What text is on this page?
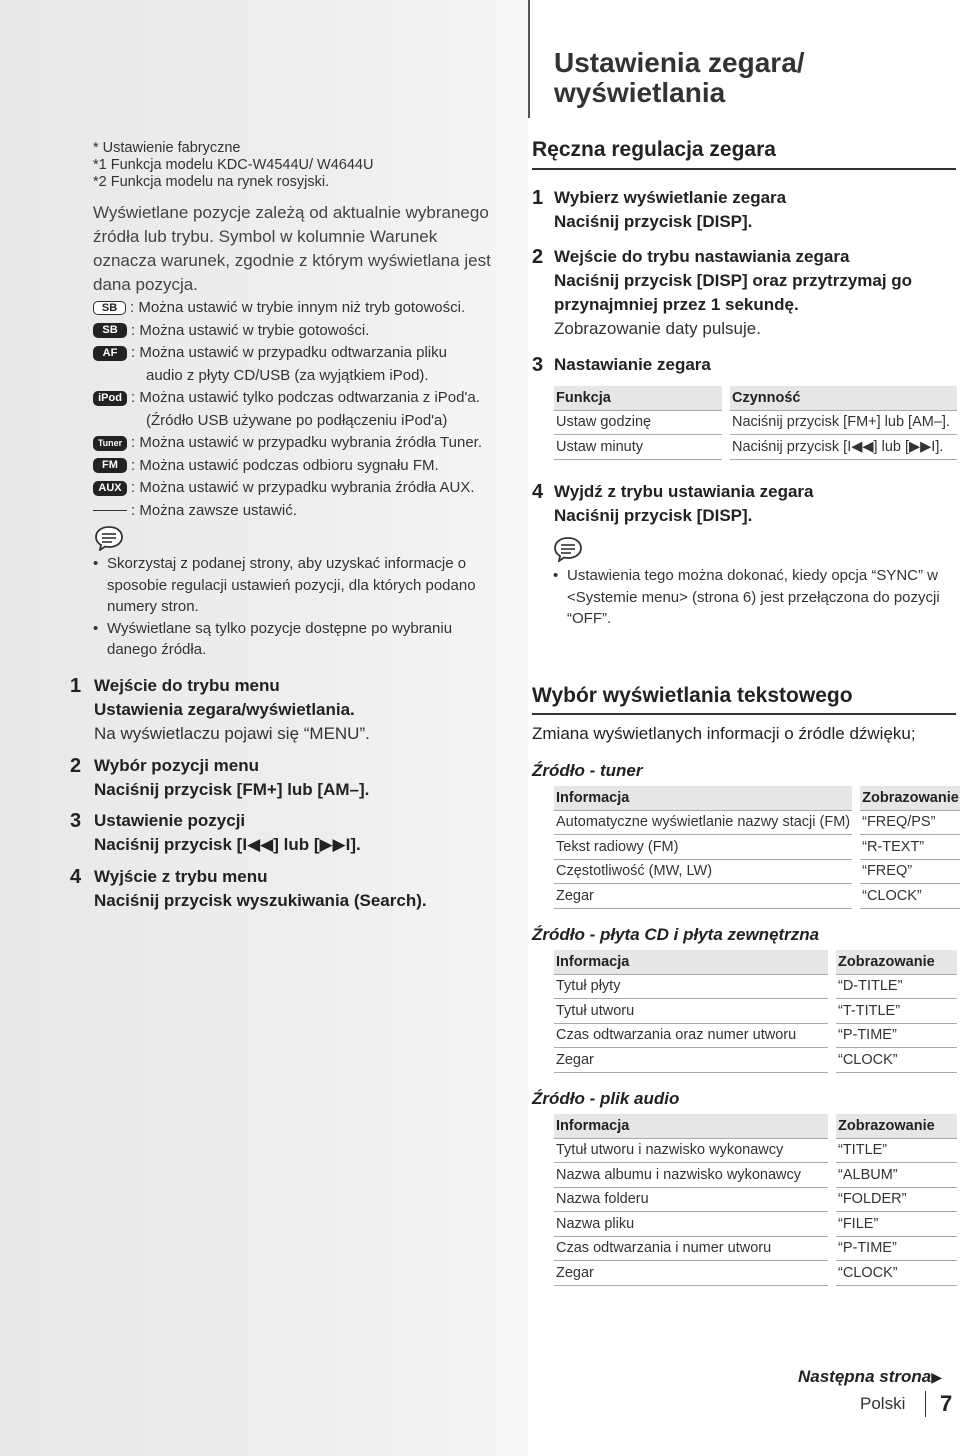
Ustawienia zegara/ wyświetlania
* Ustawienie fabryczne
*1 Funkcja modelu KDC-W4544U/ W4644U
*2 Funkcja modelu na rynek rosyjski.
Wyświetlane pozycje zależą od aktualnie wybranego źródła lub trybu. Symbol w kolumnie Warunek oznacza warunek, zgodnie z którym wyświetlana jest dana pozycja.
SB : Można ustawić w trybie innym niż tryb gotowości.
SB : Można ustawić w trybie gotowości.
AF : Można ustawić w przypadku odtwarzania pliku
audio z płyty CD/USB (za wyjątkiem iPod).
iPod : Można ustawić tylko podczas odtwarzania z iPod'a.
(Źródło USB używane po podłączeniu iPod'a)
Tuner : Można ustawić w przypadku wybrania źródła Tuner.
FM : Można ustawić podczas odbioru sygnału FM.
AUX : Można ustawić w przypadku wybrania źródła AUX.
: Można zawsze ustawić.
• Skorzystaj z podanej strony, aby uzyskać informacje o sposobie regulacji ustawień pozycji, dla których podano numery stron.
• Wyświetlane są tylko pozycje dostępne po wybraniu danego źródła.
1 Wejście do trybu menu
Ustawienia zegara/wyświetlania.
Na wyświetlaczu pojawi się “MENU”.
2 Wybór pozycji menu
Naciśnij przycisk [FM+] lub [AM–].
3 Ustawienie pozycji
Naciśnij przycisk [I◀◀] lub [▶▶I].
4 Wyjście z trybu menu
Naciśnij przycisk wyszukiwania (Search).
Ręczna regulacja zegara
1 Wybierz wyświetlanie zegara
Naciśnij przycisk [DISP].
2 Wejście do trybu nastawiania zegara
Naciśnij przycisk [DISP] oraz przytrzymaj go
przynajmniej przez 1 sekundę.
Zobrazowanie daty pulsuje.
3 Nastawianie zegara
Funkcja	Czynność
Ustaw godzinę	Naciśnij przycisk [FM+] lub [AM–].
Ustaw minuty	Naciśnij przycisk [I◀◀] lub [▶▶I].
4 Wyjdź z trybu ustawiania zegara
Naciśnij przycisk [DISP].
• Ustawienia tego można dokonać, kiedy opcja “SYNC” w <Systemie menu> (strona 6) jest przełączona do pozycji “OFF”.
Wybór wyświetlania tekstowego
Zmiana wyświetlanych informacji o źródle dźwięku;
Źródło - tuner
Informacja	Zobrazowanie
Automatyczne wyświetlanie nazwy stacji (FM)	“FREQ/PS”
Tekst radiowy (FM)	“R-TEXT”
Częstotliwość (MW, LW)	“FREQ”
Zegar	“CLOCK”
Źródło - płyta CD i płyta zewnętrzna
Informacja	Zobrazowanie
Tytuł płyty	“D-TITLE”
Tytuł utworu	“T-TITLE”
Czas odtwarzania oraz numer utworu	“P-TIME”
Zegar	“CLOCK”
Źródło - plik audio
Informacja	Zobrazowanie
Tytuł utworu i nazwisko wykonawcy	“TITLE”
Nazwa albumu i nazwisko wykonawcy	“ALBUM”
Nazwa folderu	“FOLDER”
Nazwa pliku	“FILE”
Czas odtwarzania i numer utworu	“P-TIME”
Zegar	“CLOCK”
Następna strona▶
Polski 7
